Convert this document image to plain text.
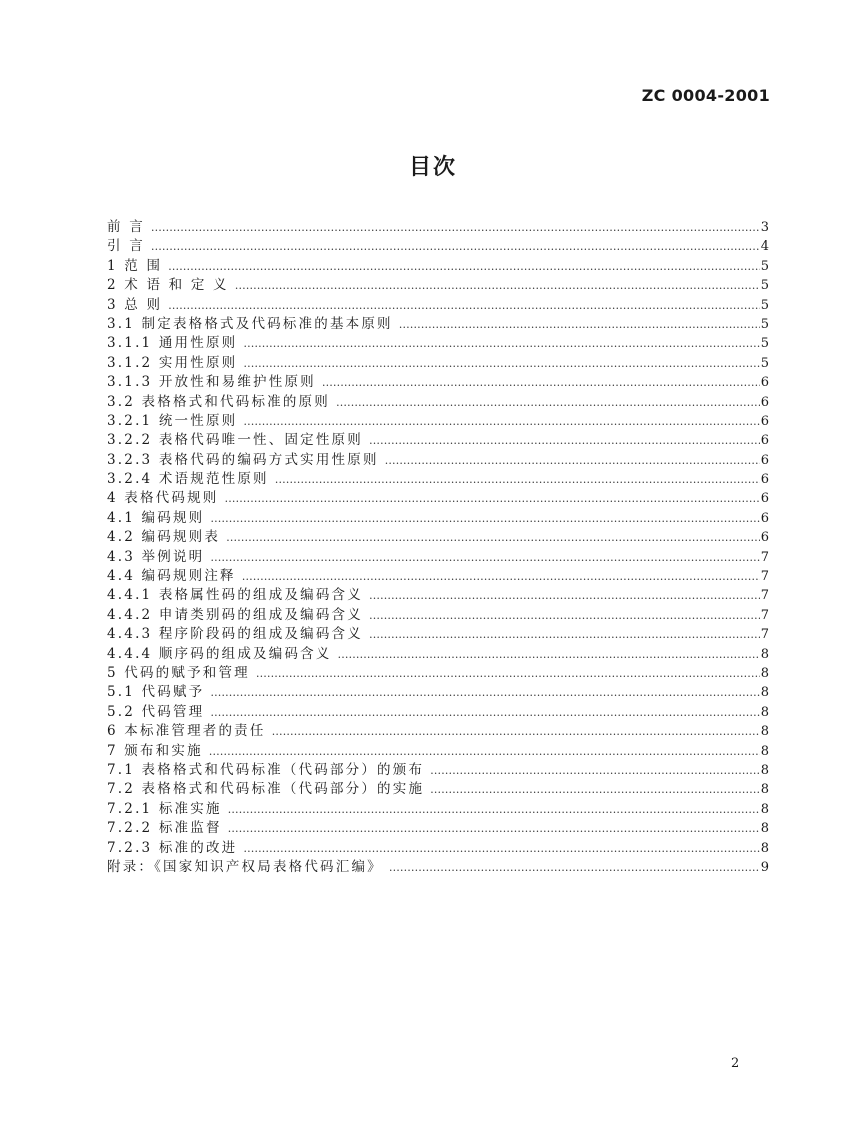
ZC 0004-2001
目次
前 言 …………………………………………………………………………………………………………………………………………………………………………………………………………………………………	3
引 言 …………………………………………………………………………………………………………………………………………………………………………………………………………………………………	4
1 范 围 …………………………………………………………………………………………………………………………………………………………………………………………………………………………………	5
2 术 语 和 定 义 …………………………………………………………………………………………………………………………………………………………………………………………………………………………………	5
3 总 则 …………………………………………………………………………………………………………………………………………………………………………………………………………………………………	5
3.1 制定表格格式及代码标准的基本原则 …………………………………………………………………………………………………………………………………………………………………………………………………………………………………	5
3.1.1 通用性原则 …………………………………………………………………………………………………………………………………………………………………………………………………………………………………	5
3.1.2 实用性原则 …………………………………………………………………………………………………………………………………………………………………………………………………………………………………	5
3.1.3 开放性和易维护性原则 …………………………………………………………………………………………………………………………………………………………………………………………………………………………………	6
3.2 表格格式和代码标准的原则 …………………………………………………………………………………………………………………………………………………………………………………………………………………………………	6
3.2.1 统一性原则 …………………………………………………………………………………………………………………………………………………………………………………………………………………………………	6
3.2.2 表格代码唯一性、固定性原则 …………………………………………………………………………………………………………………………………………………………………………………………………………………………………	6
3.2.3 表格代码的编码方式实用性原则 …………………………………………………………………………………………………………………………………………………………………………………………………………………………………	6
3.2.4 术语规范性原则 …………………………………………………………………………………………………………………………………………………………………………………………………………………………………	6
4 表格代码规则 …………………………………………………………………………………………………………………………………………………………………………………………………………………………………	6
4.1 编码规则 …………………………………………………………………………………………………………………………………………………………………………………………………………………………………	6
4.2 编码规则表 …………………………………………………………………………………………………………………………………………………………………………………………………………………………………	6
4.3 举例说明 …………………………………………………………………………………………………………………………………………………………………………………………………………………………………	7
4.4 编码规则注释 …………………………………………………………………………………………………………………………………………………………………………………………………………………………………	7
4.4.1 表格属性码的组成及编码含义 …………………………………………………………………………………………………………………………………………………………………………………………………………………………………	7
4.4.2 申请类别码的组成及编码含义 …………………………………………………………………………………………………………………………………………………………………………………………………………………………………	7
4.4.3 程序阶段码的组成及编码含义 …………………………………………………………………………………………………………………………………………………………………………………………………………………………………	7
4.4.4 顺序码的组成及编码含义 …………………………………………………………………………………………………………………………………………………………………………………………………………………………………	8
5 代码的赋予和管理 …………………………………………………………………………………………………………………………………………………………………………………………………………………………………	8
5.1 代码赋予 …………………………………………………………………………………………………………………………………………………………………………………………………………………………………	8
5.2 代码管理 …………………………………………………………………………………………………………………………………………………………………………………………………………………………………	8
6 本标准管理者的责任 …………………………………………………………………………………………………………………………………………………………………………………………………………………………………	8
7 颁布和实施 …………………………………………………………………………………………………………………………………………………………………………………………………………………………………	8
7.1 表格格式和代码标准（代码部分）的颁布 …………………………………………………………………………………………………………………………………………………………………………………………………………………………………	8
7.2 表格格式和代码标准（代码部分）的实施 …………………………………………………………………………………………………………………………………………………………………………………………………………………………………	8
7.2.1 标准实施 …………………………………………………………………………………………………………………………………………………………………………………………………………………………………	8
7.2.2 标准监督 …………………………………………………………………………………………………………………………………………………………………………………………………………………………………	8
7.2.3 标准的改进 …………………………………………………………………………………………………………………………………………………………………………………………………………………………………	8
附录：《国家知识产权局表格代码汇编》 …………………………………………………………………………………………………………………………………………………………………………………………………………………………………	9
2
